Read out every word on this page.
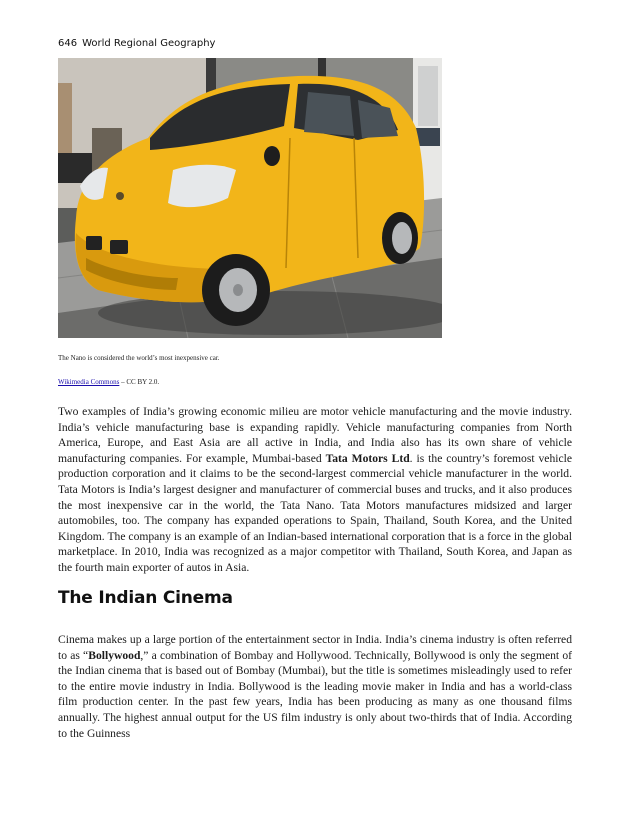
646 World Regional Geography

The Nano is considered the world’s most inexpensive car.

Wikimedia Commons – CC BY 2.0.

Two examples of India’s growing economic milieu are motor vehicle manufacturing and the movie industry. India’s vehicle manufacturing base is expanding rapidly. Vehicle manufacturing companies from North America, Europe, and East Asia are all active in India, and India also has its own share of vehicle manufacturing companies. For example, Mumbai-based Tata Motors Ltd. is the country’s foremost vehicle production corporation and it claims to be the second-largest commercial vehicle manufacturer in the world. Tata Motors is India’s largest designer and manufacturer of commercial buses and trucks, and it also produces the most inexpensive car in the world, the Tata Nano. Tata Motors manufactures midsized and larger automobiles, too. The company has expanded operations to Spain, Thailand, South Korea, and the United Kingdom. The company is an example of an Indian-based international corporation that is a force in the global marketplace. In 2010, India was recognized as a major competitor with Thailand, South Korea, and Japan as the fourth main exporter of autos in Asia.

The Indian Cinema

Cinema makes up a large portion of the entertainment sector in India. India’s cinema industry is often referred to as “Bollywood,” a combination of Bombay and Hollywood. Technically, Bollywood is only the segment of the Indian cinema that is based out of Bombay (Mumbai), but the title is sometimes misleadingly used to refer to the entire movie industry in India. Bollywood is the leading movie maker in India and has a world-class film production center. In the past few years, India has been producing as many as one thousand films annually. The highest annual output for the US film industry is only about two-thirds that of India. According to the Guinness
